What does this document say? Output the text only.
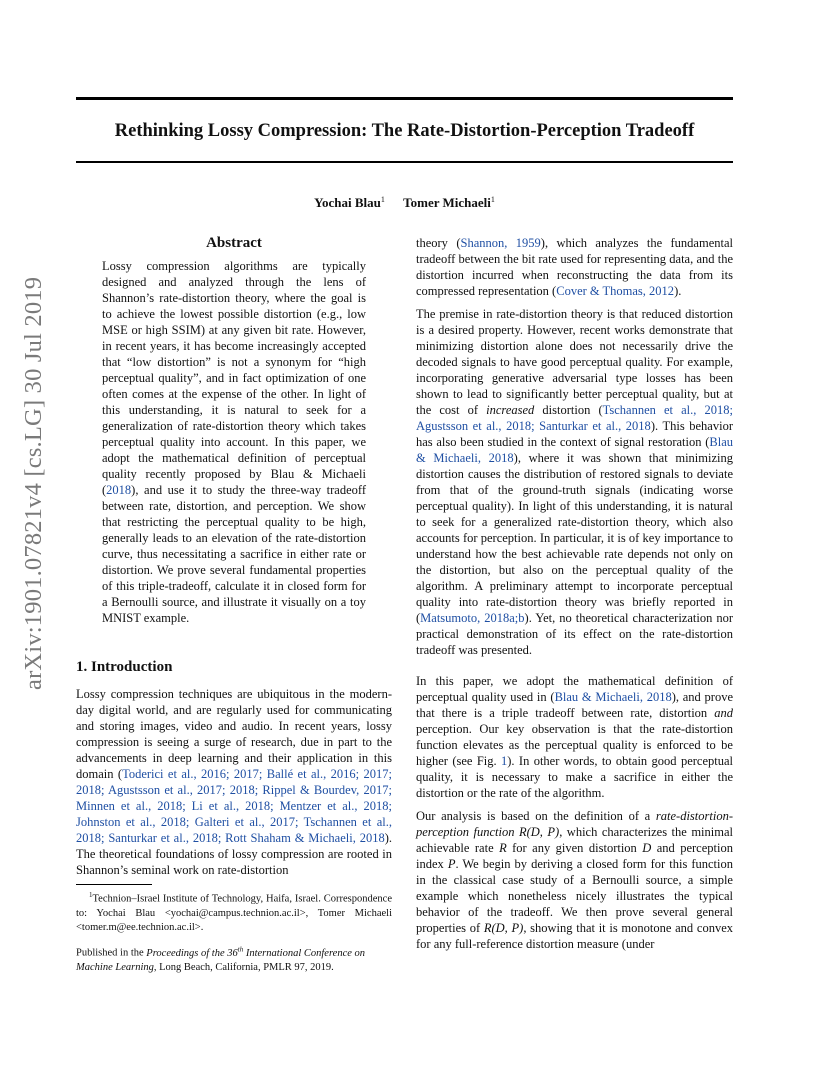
Rethinking Lossy Compression: The Rate-Distortion-Perception Tradeoff
Yochai Blau$^1$ Tomer Michaeli$^1$
arXiv:1901.07821v4 [cs.LG] 30 Jul 2019
Abstract

Lossy compression algorithms are typically designed and analyzed through the lens of Shannon’s rate-distortion theory, where the goal is to achieve the lowest possible distortion (e.g., low MSE or high SSIM) at any given bit rate. However, in recent years, it has become increasingly accepted that “low distortion” is not a synonym for “high perceptual quality”, and in fact optimization of one often comes at the expense of the other. In light of this understanding, it is natural to seek for a generalization of rate-distortion theory which takes perceptual quality into account. In this paper, we adopt the mathematical definition of perceptual quality recently proposed by Blau & Michaeli (2018), and use it to study the three-way tradeoff between rate, distortion, and perception. We show that restricting the perceptual quality to be high, generally leads to an elevation of the rate-distortion curve, thus necessitating a sacrifice in either rate or distortion. We prove several fundamental properties of this triple-tradeoff, calculate it in closed form for a Bernoulli source, and illustrate it visually on a toy MNIST example.

1. Introduction

Lossy compression techniques are ubiquitous in the modern-day digital world, and are regularly used for communicating and storing images, video and audio. In recent years, lossy compression is seeing a surge of research, due in part to the advancements in deep learning and their application in this domain (Toderici et al., 2016; 2017; Ballé et al., 2016; 2017; 2018; Agustsson et al., 2017; 2018; Rippel & Bourdev, 2017; Minnen et al., 2018; Li et al., 2018; Mentzer et al., 2018; Johnston et al., 2018; Galteri et al., 2017; Tschannen et al., 2018; Santurkar et al., 2018; Rott Shaham & Michaeli, 2018). The theoretical foundations of lossy compression are rooted in Shannon’s seminal work on rate-distortion

$^1$Technion–Israel Institute of Technology, Haifa, Israel. Correspondence to: Yochai Blau <yochai@campus.technion.ac.il>, Tomer Michaeli <tomer.m@ee.technion.ac.il>.

Published in the Proceedings of the 36th International Conference on Machine Learning, Long Beach, California, PMLR 97, 2019.

theory (Shannon, 1959), which analyzes the fundamental tradeoff between the bit rate used for representing data, and the distortion incurred when reconstructing the data from its compressed representation (Cover & Thomas, 2012).

The premise in rate-distortion theory is that reduced distortion is a desired property. However, recent works demonstrate that minimizing distortion alone does not necessarily drive the decoded signals to have good perceptual quality. For example, incorporating generative adversarial type losses has been shown to lead to significantly better perceptual quality, but at the cost of increased distortion (Tschannen et al., 2018; Agustsson et al., 2018; Santurkar et al., 2018). This behavior has also been studied in the context of signal restoration (Blau & Michaeli, 2018), where it was shown that minimizing distortion causes the distribution of restored signals to deviate from that of the ground-truth signals (indicating worse perceptual quality). In light of this understanding, it is natural to seek for a generalized rate-distortion theory, which also accounts for perception. In particular, it is of key importance to understand how the best achievable rate depends not only on the distortion, but also on the perceptual quality of the algorithm. A preliminary attempt to incorporate perceptual quality into rate-distortion theory was briefly reported in (Matsumoto, 2018a;b). Yet, no theoretical characterization nor practical demonstration of its effect on the rate-distortion tradeoff was presented.

In this paper, we adopt the mathematical definition of perceptual quality used in (Blau & Michaeli, 2018), and prove that there is a triple tradeoff between rate, distortion and perception. Our key observation is that the rate-distortion function elevates as the perceptual quality is enforced to be higher (see Fig. 1). In other words, to obtain good perceptual quality, it is necessary to make a sacrifice in either the distortion or the rate of the algorithm.

Our analysis is based on the definition of a rate-distortion-perception function R(D, P), which characterizes the minimal achievable rate R for any given distortion D and perception index P. We begin by deriving a closed form for this function in the classical case study of a Bernoulli source, a simple example which nonetheless nicely illustrates the typical behavior of the tradeoff. We then prove several general properties of R(D, P), showing that it is monotone and convex for any full-reference distortion measure (under
